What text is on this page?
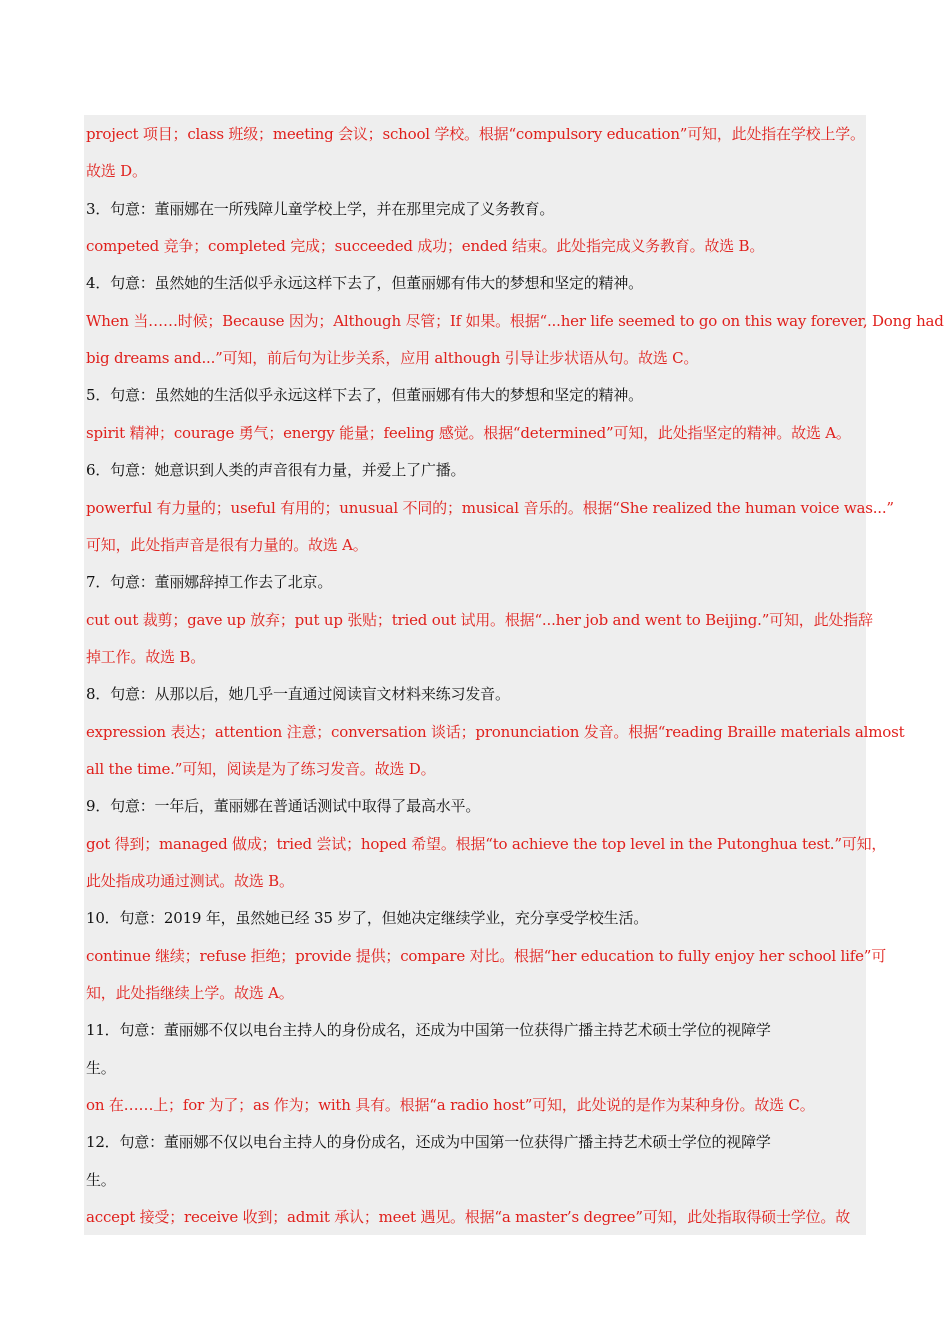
project 项目；class 班级；meeting 会议；school 学校。根据“compulsory education”可知，此处指在学校上学。
故选 D。
3．句意：董丽娜在一所残障儿童学校上学，并在那里完成了义务教育。
competed 竞争；completed 完成；succeeded 成功；ended 结束。此处指完成义务教育。故选 B。
4．句意：虽然她的生活似乎永远这样下去了，但董丽娜有伟大的梦想和坚定的精神。
When 当……时候；Because 因为；Although 尽管；If 如果。根据“...her life seemed to go on this way forever, Dong had
big dreams and...”可知，前后句为让步关系，应用 although 引导让步状语从句。故选 C。
5．句意：虽然她的生活似乎永远这样下去了，但董丽娜有伟大的梦想和坚定的精神。
spirit 精神；courage 勇气；energy 能量；feeling 感觉。根据“determined”可知，此处指坚定的精神。故选 A。
6．句意：她意识到人类的声音很有力量，并爱上了广播。
powerful 有力量的；useful 有用的；unusual 不同的；musical 音乐的。根据“She realized the human voice was...”
可知，此处指声音是很有力量的。故选 A。
7．句意：董丽娜辞掉工作去了北京。
cut out 裁剪；gave up 放弃；put up 张贴；tried out 试用。根据“...her job and went to Beijing.”可知，此处指辞
掉工作。故选 B。
8．句意：从那以后，她几乎一直通过阅读盲文材料来练习发音。
expression 表达；attention 注意；conversation 谈话；pronunciation 发音。根据“reading Braille materials almost
all the time.”可知，阅读是为了练习发音。故选 D。
9．句意：一年后，董丽娜在普通话测试中取得了最高水平。
got 得到；managed 做成；tried 尝试；hoped 希望。根据“to achieve the top level in the Putonghua test.”可知，
此处指成功通过测试。故选 B。
10．句意：2019 年，虽然她已经 35 岁了，但她决定继续学业，充分享受学校生活。
continue 继续；refuse 拒绝；provide 提供；compare 对比。根据“her education to fully enjoy her school life”可
知，此处指继续上学。故选 A。
11．句意：董丽娜不仅以电台主持人的身份成名，还成为中国第一位获得广播主持艺术硕士学位的视障学
生。
on 在……上；for 为了；as 作为；with 具有。根据“a radio host”可知，此处说的是作为某种身份。故选 C。
12．句意：董丽娜不仅以电台主持人的身份成名，还成为中国第一位获得广播主持艺术硕士学位的视障学
生。
accept 接受；receive 收到；admit 承认；meet 遇见。根据“a master’s degree”可知，此处指取得硕士学位。故
